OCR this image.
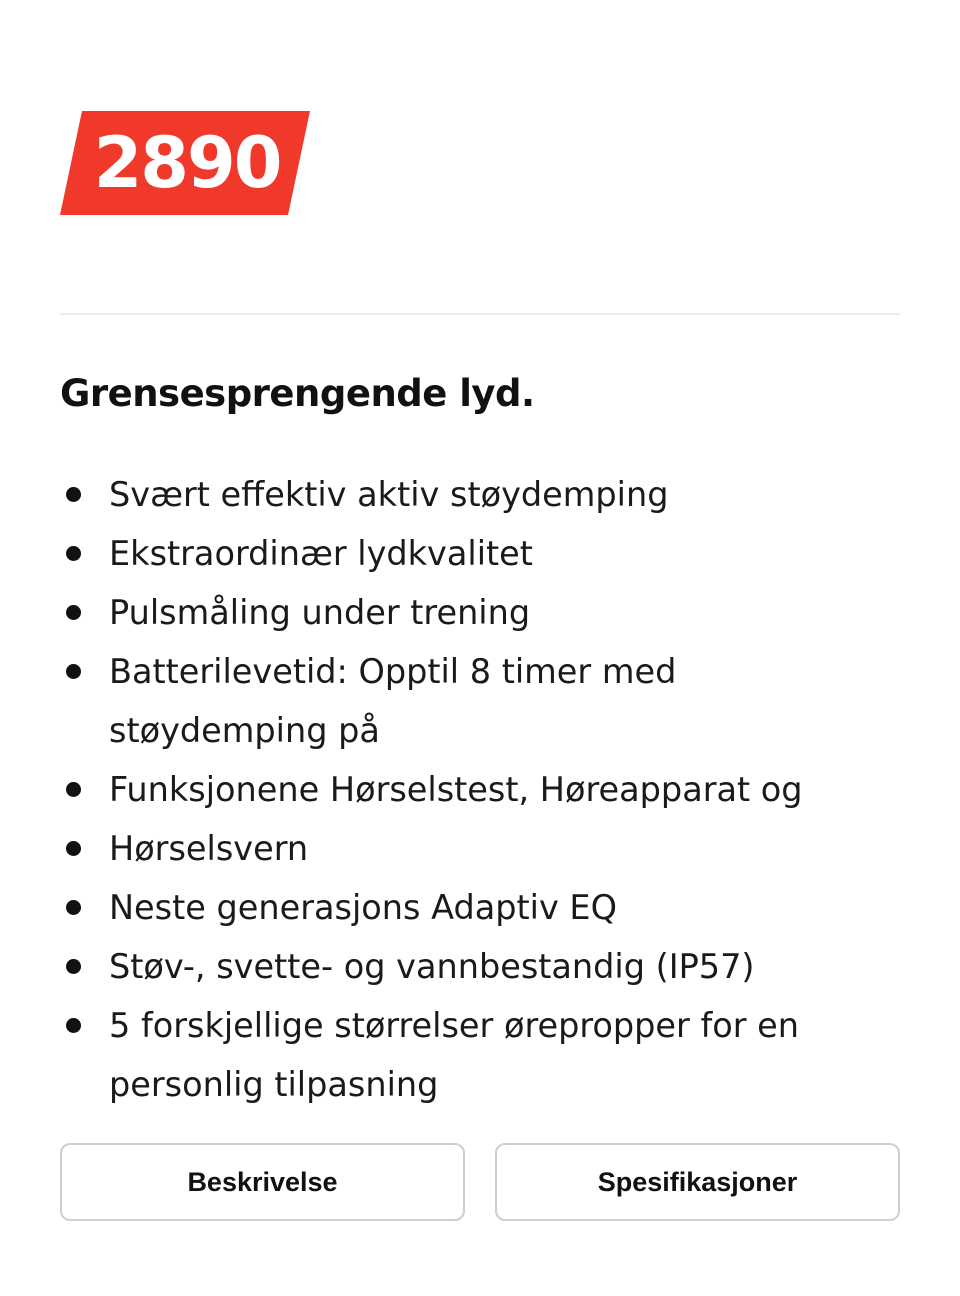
2890
Grensesprengende lyd.
Svært effektiv aktiv støydemping
Ekstraordinær lydkvalitet
Pulsmåling under trening
Batterilevetid: Opptil 8 timer med støydemping på
Funksjonene Hørselstest, Høreapparat og
Hørselsvern
Neste generasjons Adaptiv EQ
Støv-, svette- og vannbestandig (IP57)
5 forskjellige størrelser ørepropper for en personlig tilpasning
Beskrivelse	Spesifikasjoner
